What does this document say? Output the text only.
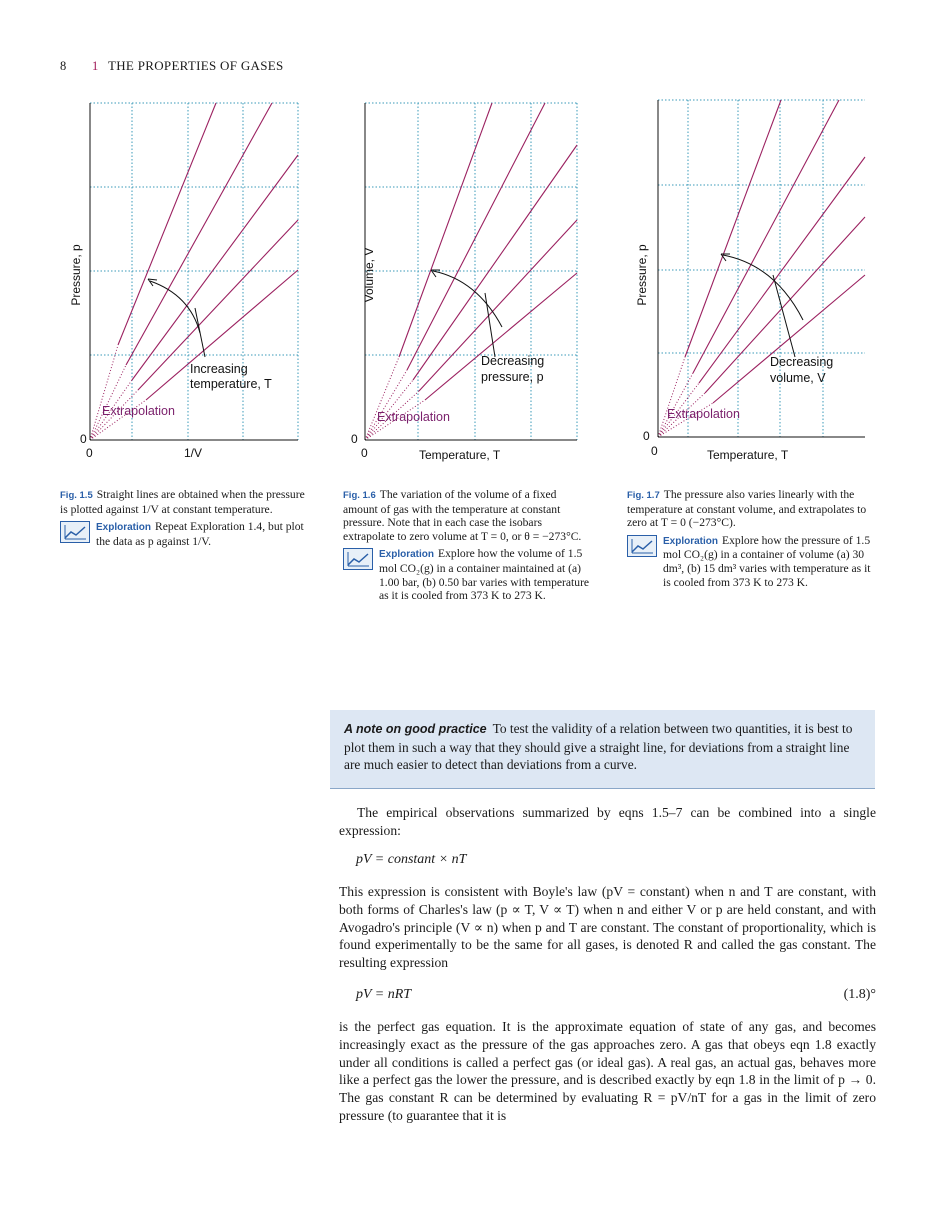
8 1 THE PROPERTIES OF GASES
Increasing
temperature, T
Extrapolation
0
0	1/V
Pressure, p
Decreasing
pressure, p
Extrapolation
0
0	Temperature, T
Volume, V
Decreasing
volume, V
Extrapolation
0
0	Temperature, T
Pressure, p
Fig. 1.5 Straight lines are obtained when the pressure is plotted against 1/V at constant temperature.
Exploration Repeat Exploration 1.4, but plot the data as p against 1/V.
Fig. 1.6 The variation of the volume of a fixed amount of gas with the temperature at constant pressure. Note that in each case the isobars extrapolate to zero volume at T = 0, or θ = −273°C.
Exploration Explore how the volume of 1.5 mol CO₂(g) in a container maintained at (a) 1.00 bar, (b) 0.50 bar varies with temperature as it is cooled from 373 K to 273 K.
Fig. 1.7 The pressure also varies linearly with the temperature at constant volume, and extrapolates to zero at T = 0 (−273°C).
Exploration Explore how the pressure of 1.5 mol CO₂(g) in a container of volume (a) 30 dm³, (b) 15 dm³ varies with temperature as it is cooled from 373 K to 273 K.

A note on good practice To test the validity of a relation between two quantities, it is best to plot them in such a way that they should give a straight line, for deviations from a straight line are much easier to detect than deviations from a curve.

The empirical observations summarized by eqns 1.5–7 can be combined into a single expression:

pV = constant × nT

This expression is consistent with Boyle's law (pV = constant) when n and T are constant, with both forms of Charles's law (p ∝ T, V ∝ T) when n and either V or p are held constant, and with Avogadro's principle (V ∝ n) when p and T are constant. The constant of proportionality, which is found experimentally to be the same for all gases, is denoted R and called the gas constant. The resulting expression

pV = nRT	(1.8)°

is the perfect gas equation. It is the approximate equation of state of any gas, and becomes increasingly exact as the pressure of the gas approaches zero. A gas that obeys eqn 1.8 exactly under all conditions is called a perfect gas (or ideal gas). A real gas, an actual gas, behaves more like a perfect gas the lower the pressure, and is described exactly by eqn 1.8 in the limit of p → 0. The gas constant R can be determined by evaluating R = pV/nT for a gas in the limit of zero pressure (to guarantee that it is
